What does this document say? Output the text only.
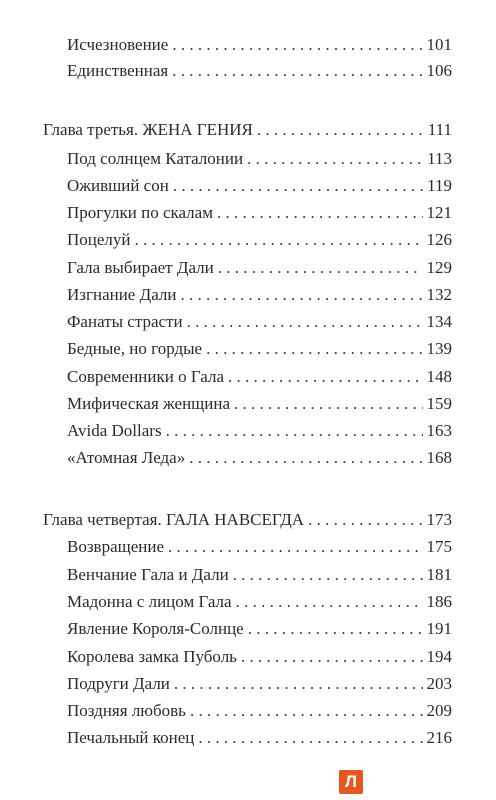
Исчезновение . . .	101
Единственная . . .	106
Глава третья. ЖЕНА ГЕНИЯ . . .	111
Под солнцем Каталонии . . .	113
Оживший сон . . .	119
Прогулки по скалам . . .	121
Поцелуй . . .	126
Гала выбирает Дали . . .	129
Изгнание Дали . . .	132
Фанаты страсти . . .	134
Бедные, но гордые . . .	139
Современники о Гала . . .	148
Мифическая женщина . . .	159
Avida Dollars . . .	163
«Атомная Леда» . . .	168
Глава четвертая. ГАЛА НАВСЕГДА . . .	173
Возвращение . . .	175
Венчание Гала и Дали . . .	181
Мадонна с лицом Гала . . .	186
Явление Короля-Солнце . . .	191
Королева замка Пуболь . . .	194
Подруги Дали . . .	203
Поздняя любовь . . .	209
Печальный конец . . .	216
Л
